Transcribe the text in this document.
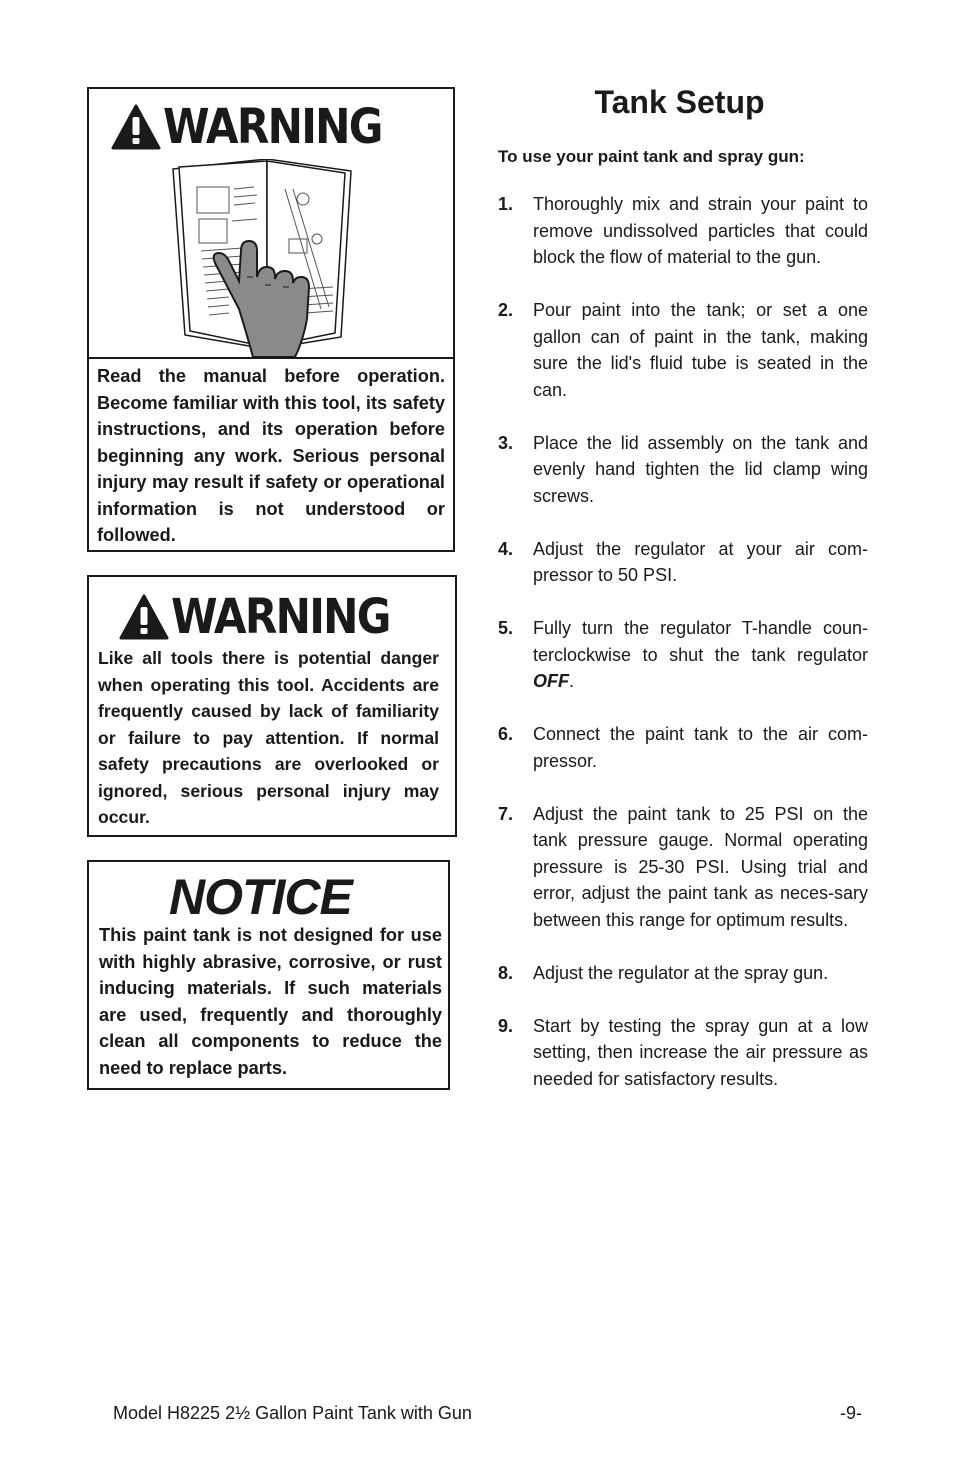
WARNING
Read the manual before operation. Become familiar with this tool, its safety instructions, and its operation before beginning any work. Serious personal injury may result if safety or operational information is not understood or followed.
WARNING
Like all tools there is potential danger when operating this tool. Accidents are frequently caused by lack of familiarity or failure to pay attention. If normal safety precautions are overlooked or ignored, serious personal injury may occur.
NOTICE
This paint tank is not designed for use with highly abrasive, corrosive, or rust inducing materials. If such materials are used, frequently and thoroughly clean all components to reduce the need to replace parts.
Tank Setup
To use your paint tank and spray gun:
1.	Thoroughly mix and strain your paint to remove undissolved particles that could block the flow of material to the gun.
2.	Pour paint into the tank; or set a one gallon can of paint in the tank, making sure the lid's fluid tube is seated in the can.
3.	Place the lid assembly on the tank and evenly hand tighten the lid clamp wing screws.
4.	Adjust the regulator at your air com-pressor to 50 PSI.
5.	Fully turn the regulator T-handle coun-terclockwise to shut the tank regulator OFF.
6.	Connect the paint tank to the air com-pressor.
7.	Adjust the paint tank to 25 PSI on the tank pressure gauge. Normal operating pressure is 25-30 PSI. Using trial and error, adjust the paint tank as neces-sary between this range for optimum results.
8.	Adjust the regulator at the spray gun.
9.	Start by testing the spray gun at a low setting, then increase the air pressure as needed for satisfactory results.
Model H8225 2½ Gallon Paint Tank with Gun	-9-
